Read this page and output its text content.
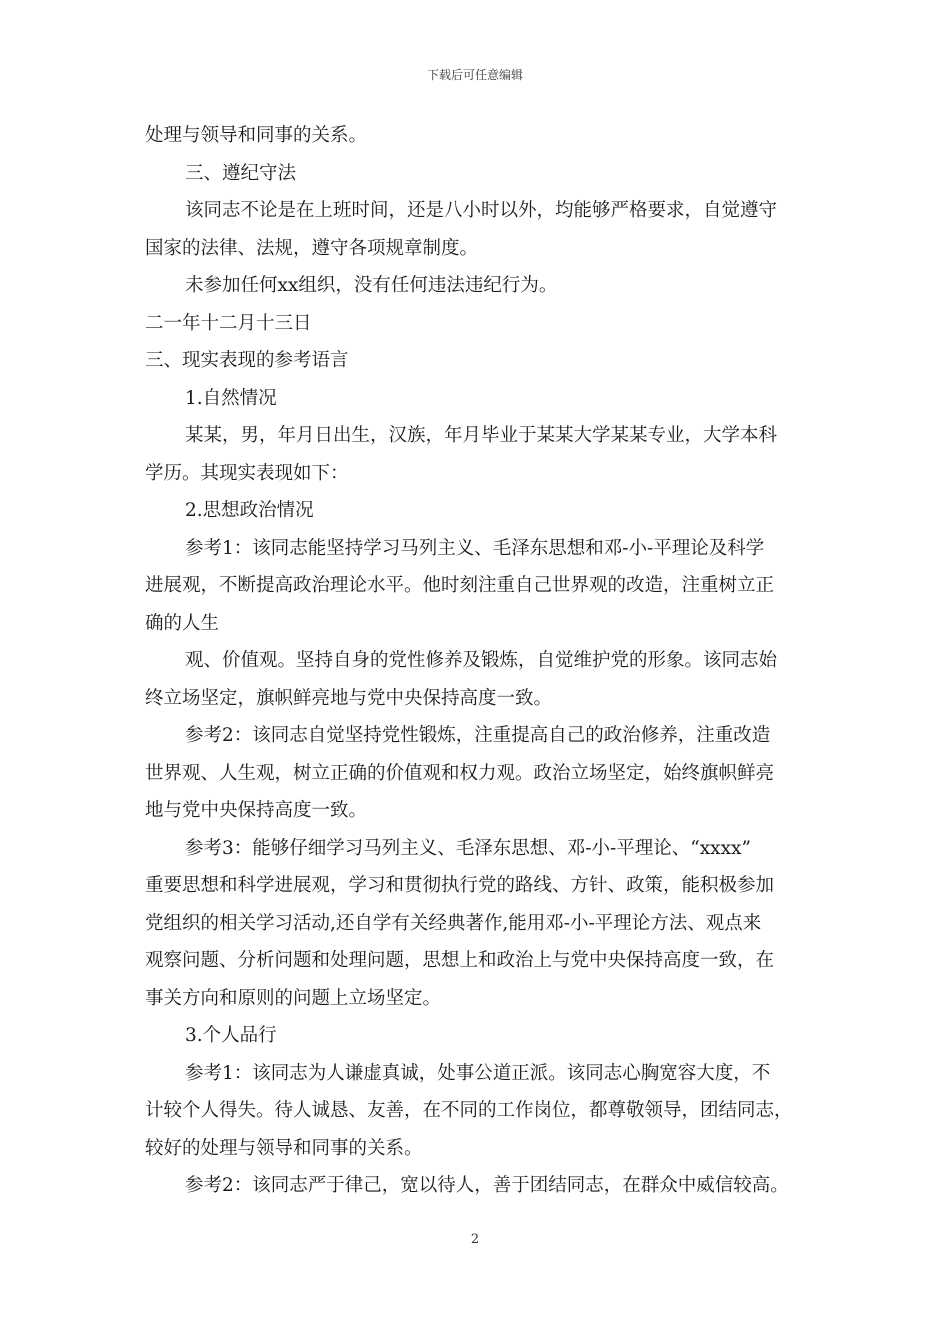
下载后可任意编辑
处理与领导和同事的关系。
三、遵纪守法
该同志不论是在上班时间，还是八小时以外，均能够严格要求，自觉遵守
国家的法律、法规，遵守各项规章制度。
未参加任何xx组织，没有任何违法违纪行为。
二一年十二月十三日
三、现实表现的参考语言
1.自然情况
某某，男，年月日出生，汉族，年月毕业于某某大学某某专业，大学本科
学历。其现实表现如下：
2.思想政治情况
参考1：该同志能坚持学习马列主义、毛泽东思想和邓-小-平理论及科学
进展观，不断提高政治理论水平。他时刻注重自己世界观的改造，注重树立正
确的人生
观、价值观。坚持自身的党性修养及锻炼，自觉维护党的形象。该同志始
终立场坚定，旗帜鲜亮地与党中央保持高度一致。
参考2：该同志自觉坚持党性锻炼，注重提高自己的政治修养，注重改造
世界观、人生观，树立正确的价值观和权力观。政治立场坚定，始终旗帜鲜亮
地与党中央保持高度一致。
参考3：能够仔细学习马列主义、毛泽东思想、邓-小-平理论、“xxxx”
重要思想和科学进展观，学习和贯彻执行党的路线、方针、政策，能积极参加
党组织的相关学习活动,还自学有关经典著作,能用邓-小-平理论方法、观点来
观察问题、分析问题和处理问题，思想上和政治上与党中央保持高度一致，在
事关方向和原则的问题上立场坚定。
3.个人品行
参考1：该同志为人谦虚真诚，处事公道正派。该同志心胸宽容大度，不
计较个人得失。待人诚恳、友善，在不同的工作岗位，都尊敬领导，团结同志，
较好的处理与领导和同事的关系。
参考2：该同志严于律己，宽以待人，善于团结同志，在群众中威信较高。
2
